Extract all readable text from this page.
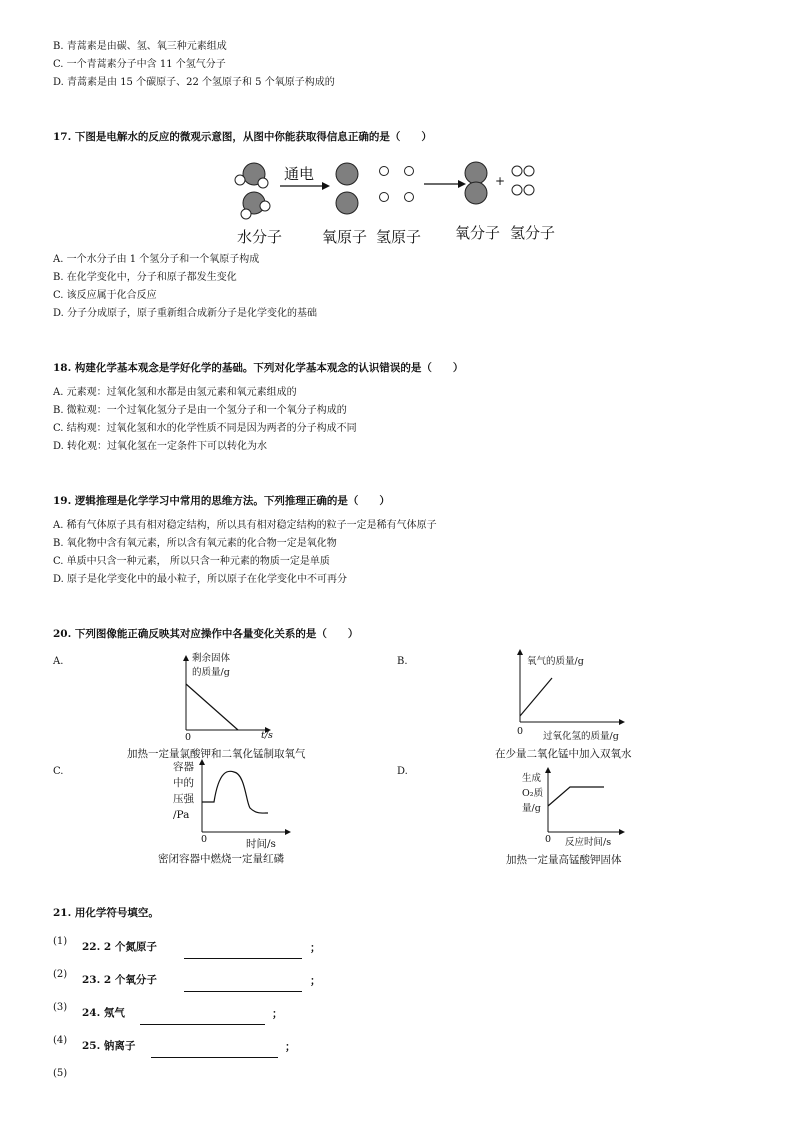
B. 青蒿素是由碳、氢、氧三种元素组成
C. 一个青蒿素分子中含 11 个氢气分子
D. 青蒿素是由 15 个碳原子、22 个氢原子和 5 个氧原子构成的
17. 下图是电解水的反应的微观示意图，从图中你能获取得信息正确的是（　　）
通电	+
水分子	氧原子 氢原子 氧分子 氢分子
A. 一个水分子由 1 个氢分子和一个氧原子构成
B. 在化学变化中，分子和原子都发生变化
C. 该反应属于化合反应
D. 分子分成原子，原子重新组合成新分子是化学变化的基础
18. 构建化学基本观念是学好化学的基础。下列对化学基本观念的认识错误的是（　　）
A. 元素观：过氧化氢和水都是由氢元素和氧元素组成的
B. 微粒观：一个过氧化氢分子是由一个氢分子和一个氧分子构成的
C. 结构观：过氧化氢和水的化学性质不同是因为两者的分子构成不同
D. 转化观：过氧化氢在一定条件下可以转化为水
19. 逻辑推理是化学学习中常用的思维方法。下列推理正确的是（　　）
A. 稀有气体原子具有相对稳定结构，所以具有相对稳定结构的粒子一定是稀有气体原子
B. 氧化物中含有氧元素，所以含有氧元素的化合物一定是氧化物
C. 单质中只含一种元素， 所以只含一种元素的物质一定是单质
D. 原子是化学变化中的最小粒子，所以原子在化学变化中不可再分
20. 下列图像能正确反映其对应操作中各量变化关系的是（　　）
A.	B.
C.	D.
剩余固体
的质量/g
t/s
0
加热一定量氯酸钾和二氧化锰制取氧气
氧气的质量/g
过氧化氢的质量/g
0
在少量二氧化锰中加入双氧水
容器
中的
压强
/Pa
0	时间/s
密闭容器中燃烧一定量红磷
生成
O₂质
量/g
0 反应时间/s
加热一定量高锰酸钾固体
21. 用化学符号填空。
(1) 22. 2 个氮原子	；
(2) 23. 2 个氧分子	；
(3) 24. 氖气	；
(4) 25. 钠离子	；
(5)
